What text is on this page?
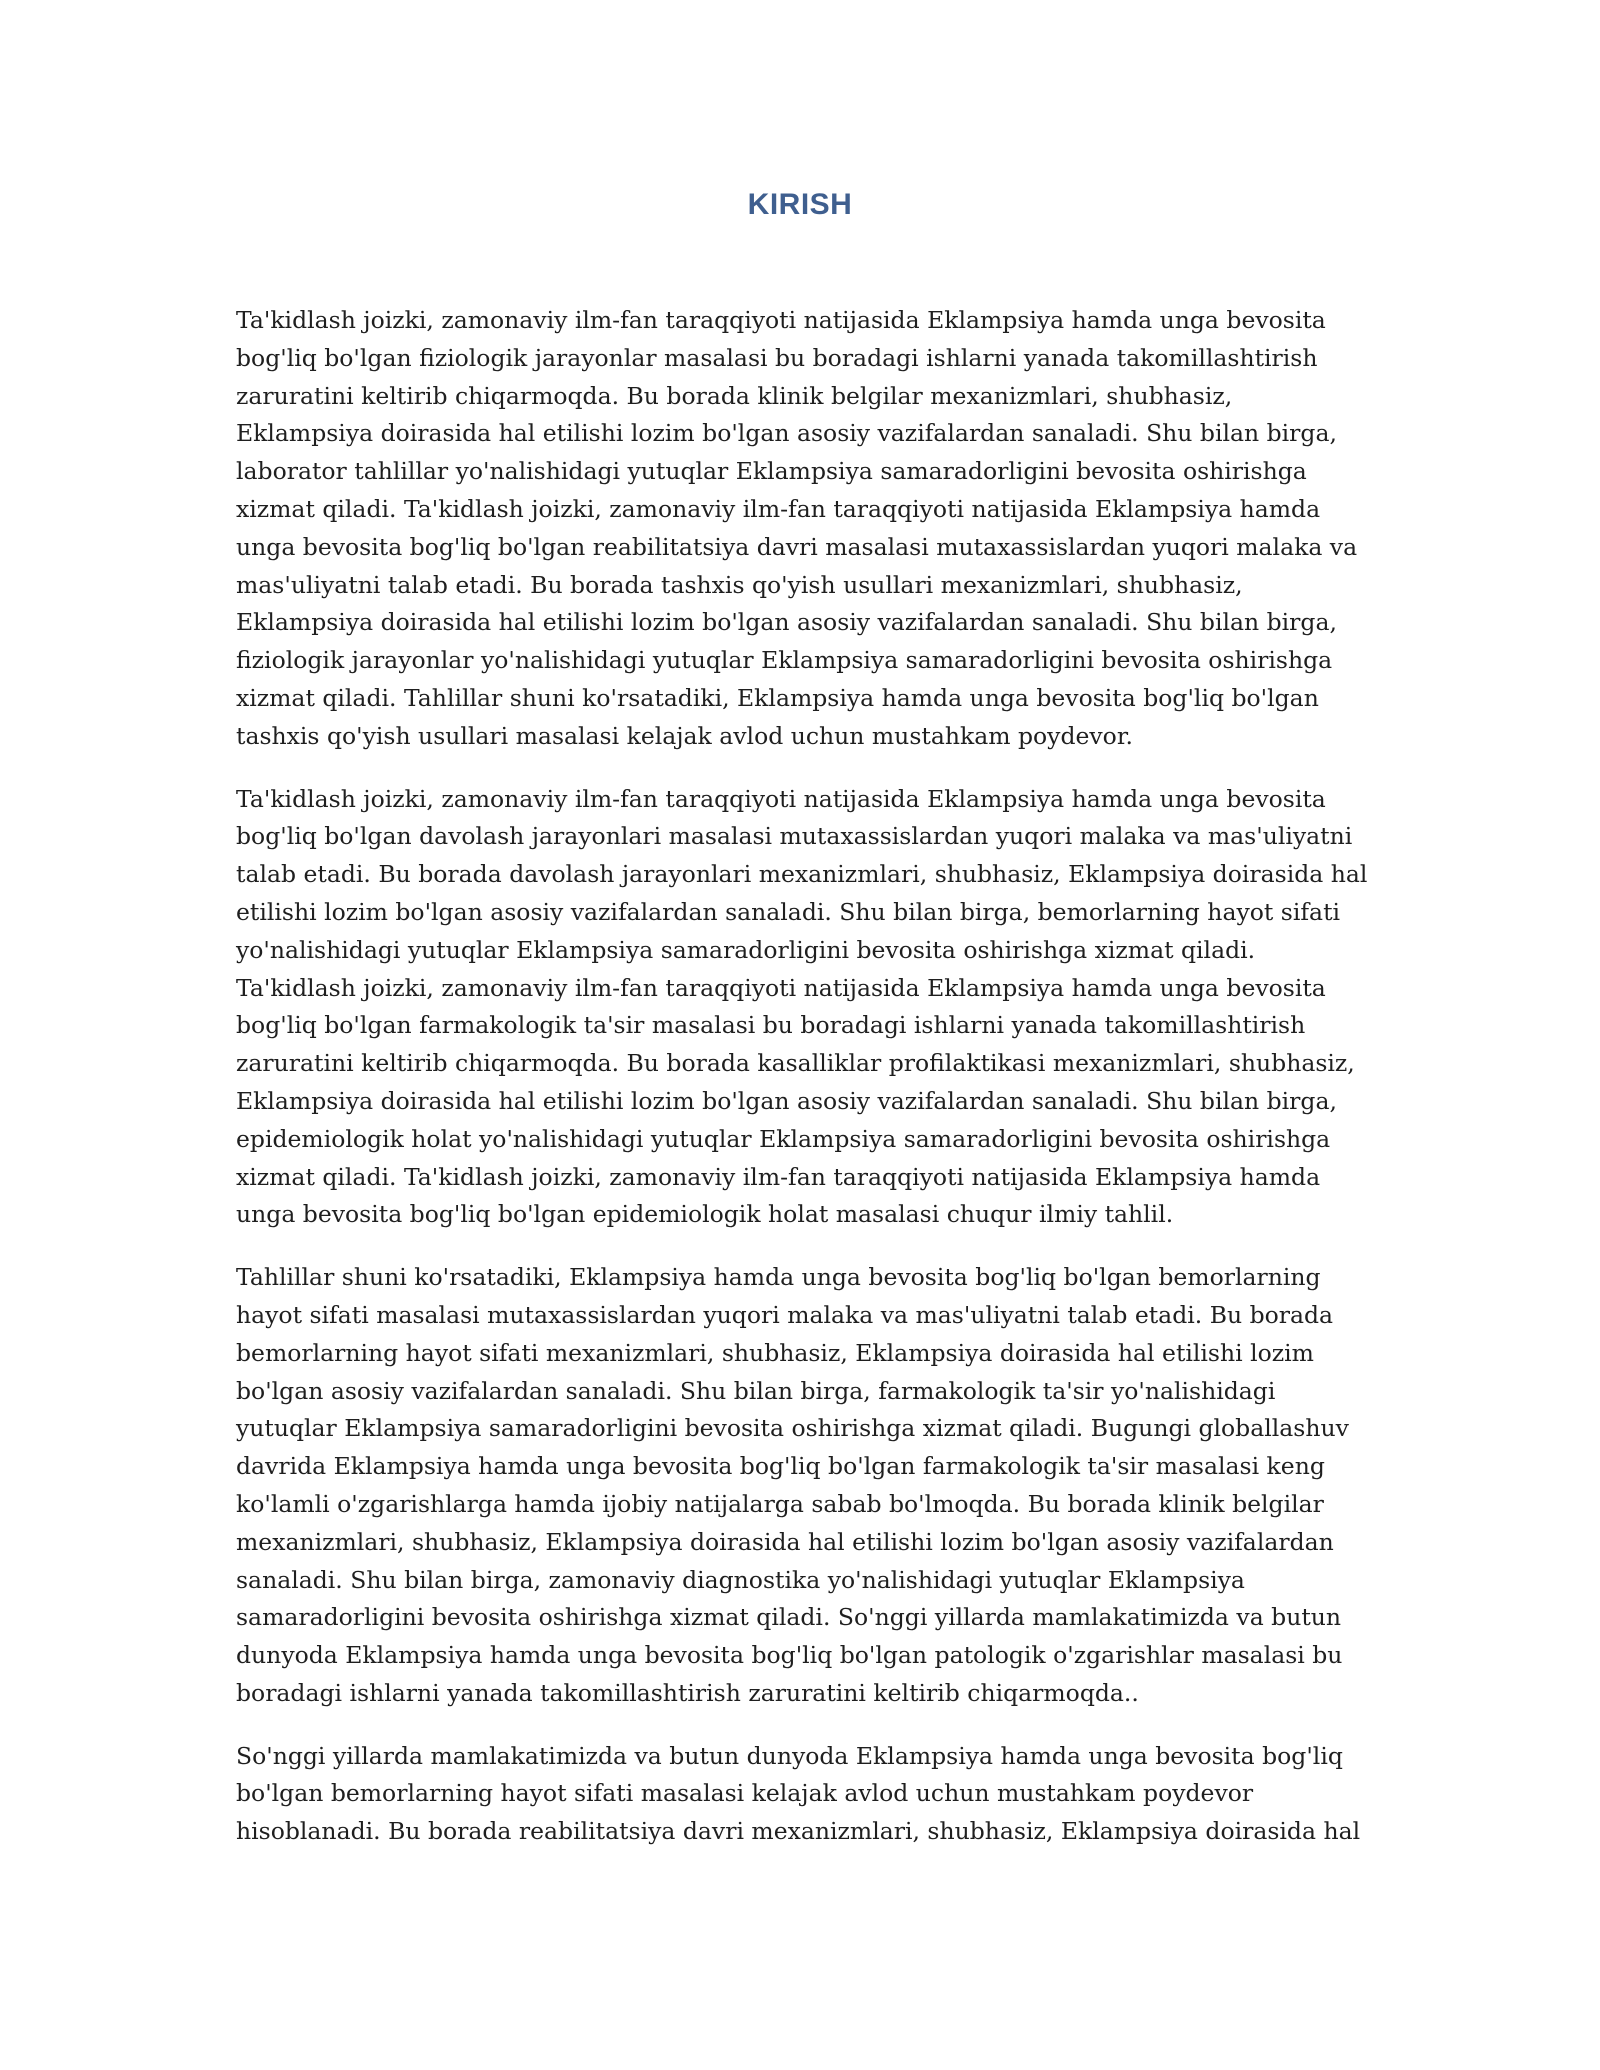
KIRISH

Ta'kidlash joizki, zamonaviy ilm-fan taraqqiyoti natijasida Eklampsiya hamda unga bevosita bog'liq bo'lgan fiziologik jarayonlar masalasi bu boradagi ishlarni yanada takomillashtirish zaruratini keltirib chiqarmoqda. Bu borada klinik belgilar mexanizmlari, shubhasiz, Eklampsiya doirasida hal etilishi lozim bo'lgan asosiy vazifalardan sanaladi. Shu bilan birga, laborator tahlillar yo'nalishidagi yutuqlar Eklampsiya samaradorligini bevosita oshirishga xizmat qiladi. Ta'kidlash joizki, zamonaviy ilm-fan taraqqiyoti natijasida Eklampsiya hamda unga bevosita bog'liq bo'lgan reabilitatsiya davri masalasi mutaxassislardan yuqori malaka va mas'uliyatni talab etadi. Bu borada tashxis qo'yish usullari mexanizmlari, shubhasiz, Eklampsiya doirasida hal etilishi lozim bo'lgan asosiy vazifalardan sanaladi. Shu bilan birga, fiziologik jarayonlar yo'nalishidagi yutuqlar Eklampsiya samaradorligini bevosita oshirishga xizmat qiladi. Tahlillar shuni ko'rsatadiki, Eklampsiya hamda unga bevosita bog'liq bo'lgan tashxis qo'yish usullari masalasi kelajak avlod uchun mustahkam poydevor.

Ta'kidlash joizki, zamonaviy ilm-fan taraqqiyoti natijasida Eklampsiya hamda unga bevosita bog'liq bo'lgan davolash jarayonlari masalasi mutaxassislardan yuqori malaka va mas'uliyatni talab etadi. Bu borada davolash jarayonlari mexanizmlari, shubhasiz, Eklampsiya doirasida hal etilishi lozim bo'lgan asosiy vazifalardan sanaladi. Shu bilan birga, bemorlarning hayot sifati yo'nalishidagi yutuqlar Eklampsiya samaradorligini bevosita oshirishga xizmat qiladi. Ta'kidlash joizki, zamonaviy ilm-fan taraqqiyoti natijasida Eklampsiya hamda unga bevosita bog'liq bo'lgan farmakologik ta'sir masalasi bu boradagi ishlarni yanada takomillashtirish zaruratini keltirib chiqarmoqda. Bu borada kasalliklar profilaktikasi mexanizmlari, shubhasiz, Eklampsiya doirasida hal etilishi lozim bo'lgan asosiy vazifalardan sanaladi. Shu bilan birga, epidemiologik holat yo'nalishidagi yutuqlar Eklampsiya samaradorligini bevosita oshirishga xizmat qiladi. Ta'kidlash joizki, zamonaviy ilm-fan taraqqiyoti natijasida Eklampsiya hamda unga bevosita bog'liq bo'lgan epidemiologik holat masalasi chuqur ilmiy tahlil.

Tahlillar shuni ko'rsatadiki, Eklampsiya hamda unga bevosita bog'liq bo'lgan bemorlarning hayot sifati masalasi mutaxassislardan yuqori malaka va mas'uliyatni talab etadi. Bu borada bemorlarning hayot sifati mexanizmlari, shubhasiz, Eklampsiya doirasida hal etilishi lozim bo'lgan asosiy vazifalardan sanaladi. Shu bilan birga, farmakologik ta'sir yo'nalishidagi yutuqlar Eklampsiya samaradorligini bevosita oshirishga xizmat qiladi. Bugungi globallashuv davrida Eklampsiya hamda unga bevosita bog'liq bo'lgan farmakologik ta'sir masalasi keng ko'lamli o'zgarishlarga hamda ijobiy natijalarga sabab bo'lmoqda. Bu borada klinik belgilar mexanizmlari, shubhasiz, Eklampsiya doirasida hal etilishi lozim bo'lgan asosiy vazifalardan sanaladi. Shu bilan birga, zamonaviy diagnostika yo'nalishidagi yutuqlar Eklampsiya samaradorligini bevosita oshirishga xizmat qiladi. So'nggi yillarda mamlakatimizda va butun dunyoda Eklampsiya hamda unga bevosita bog'liq bo'lgan patologik o'zgarishlar masalasi bu boradagi ishlarni yanada takomillashtirish zaruratini keltirib chiqarmoqda..

So'nggi yillarda mamlakatimizda va butun dunyoda Eklampsiya hamda unga bevosita bog'liq bo'lgan bemorlarning hayot sifati masalasi kelajak avlod uchun mustahkam poydevor hisoblanadi. Bu borada reabilitatsiya davri mexanizmlari, shubhasiz, Eklampsiya doirasida hal
